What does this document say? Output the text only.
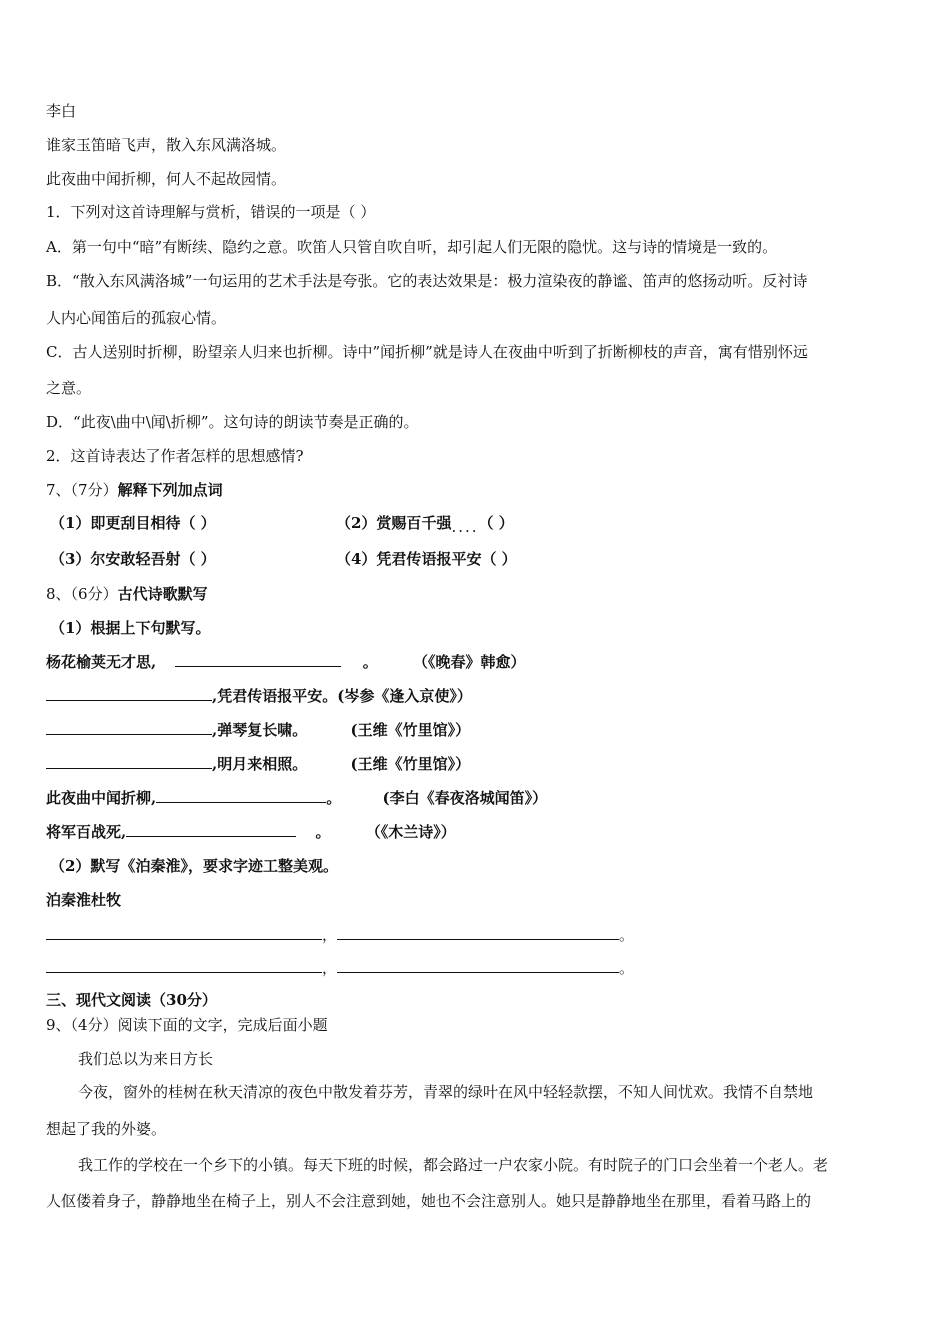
李白
谁家玉笛暗飞声，散入东风满洛城。
此夜曲中闻折柳，何人不起故园情。
1．下列对这首诗理解与赏析，错误的一项是（ ）
A．第一句中“暗”有断续、隐约之意。吹笛人只管自吹自听，却引起人们无限的隐忧。这与诗的情境是一致的。
B．“散入东风满洛城”一句运用的艺术手法是夸张。它的表达效果是：极力渲染夜的静谧、笛声的悠扬动听。反衬诗
人内心闻笛后的孤寂心情。
C．古人送别时折柳，盼望亲人归来也折柳。诗中”闻折柳”就是诗人在夜曲中听到了折断柳枝的声音，寓有惜别怀远
之意。
D．“此夜\曲中\闻\折柳”。这句诗的朗读节奏是正确的。
2．这首诗表达了作者怎样的思想感情?
7、（7分）解释下列加点词
（1）即更刮目相待（ ）	（2）赏赐百千强....（ ）
（3）尔安敢轻吾射（ ）	（4）凭君传语报平安（ ）
8、（6分）古代诗歌默写
（1）根据上下句默写。
杨花榆荚无才思,	。 （《晚春》韩愈）
,凭君传语报平安。(岑参《逢入京使》）
,弹琴复长啸。	(王维《竹里馆》）
,明月来相照。	(王维《竹里馆》）
此夜曲中闻折柳,	。	(李白《春夜洛城闻笛》）
将军百战死,	。 （《木兰诗》）
（2）默写《泊秦淮》，要求字迹工整美观。
泊秦淮杜牧
，	。
，	。
三、现代文阅读（30分）
9、（4分）阅读下面的文字，完成后面小题
我们总以为来日方长
今夜，窗外的桂树在秋天清凉的夜色中散发着芬芳，青翠的绿叶在风中轻轻款摆，不知人间忧欢。我情不自禁地
想起了我的外婆。
我工作的学校在一个乡下的小镇。每天下班的时候，都会路过一户农家小院。有时院子的门口会坐着一个老人。老
人伛偻着身子，静静地坐在椅子上，别人不会注意到她，她也不会注意别人。她只是静静地坐在那里，看着马路上的
